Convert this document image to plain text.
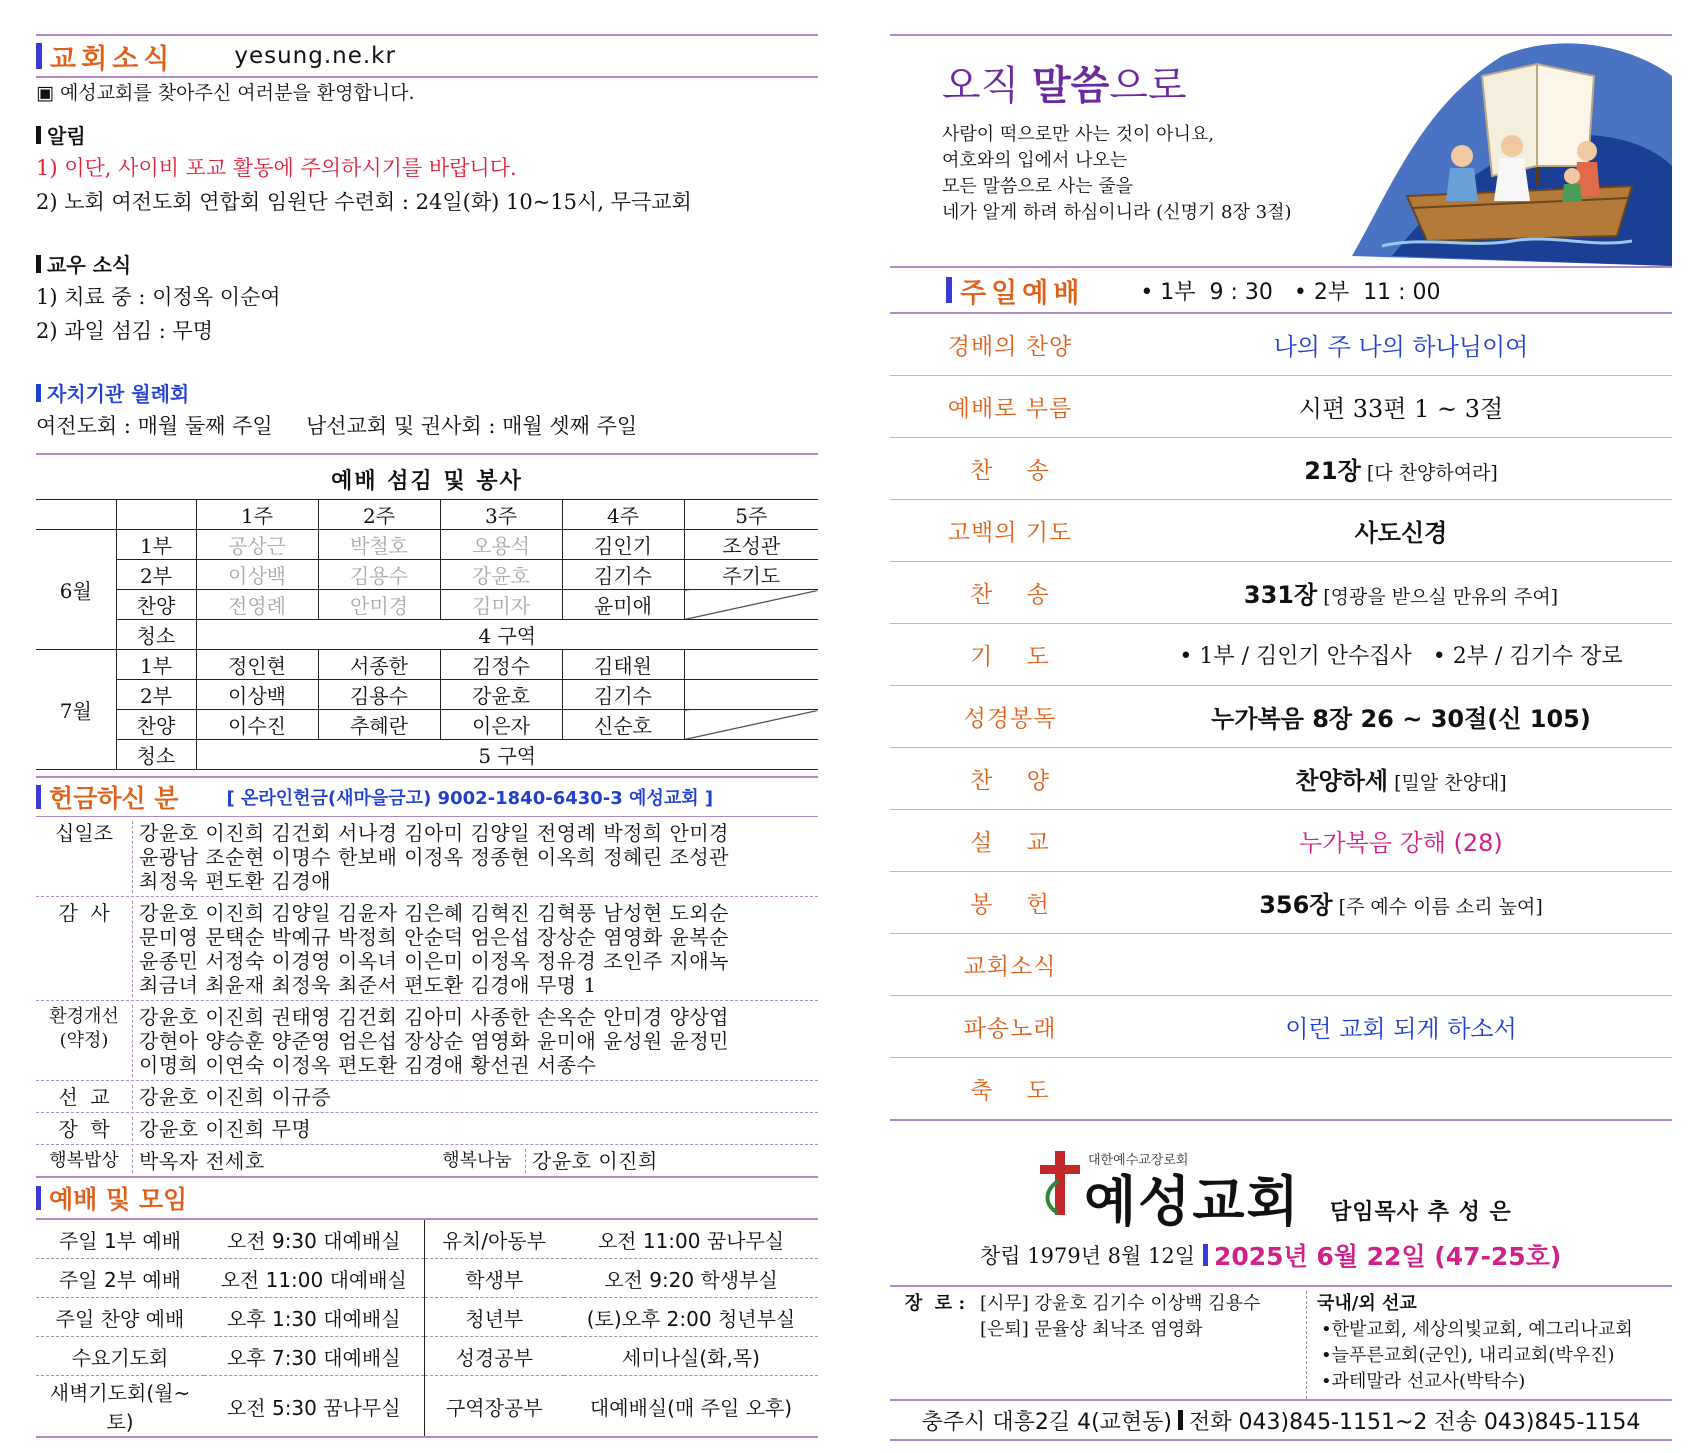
교회소식	yesung.ne.kr
▣ 예성교회를 찾아주신 여러분을 환영합니다.
알림
1) 이단, 사이비 포교 활동에 주의하시기를 바랍니다.
2) 노회 여전도회 연합회 임원단 수련회 : 24일(화) 10~15시, 무극교회
교우 소식
1) 치료 중 : 이정옥 이순여
2) 과일 섬김 : 무명
자치기관 월례회
여전도회 : 매월 둘째 주일     남선교회 및 권사회 : 매월 셋째 주일
예배 섬김 및 봉사
		1주	2주	3주	4주	5주
6월	1부	공상근	박철호	오용석	김인기	조성관
	2부	이상백	김용수	강윤호	김기수	주기도
	찬양	전영례	안미경	김미자	윤미애	
	청소	4 구역				
7월	1부	정인현	서종한	김정수	김태원	
	2부	이상백	김용수	강윤호	김기수	
	찬양	이수진	추혜란	이은자	신순호	
	청소	5 구역				
헌금하신 분	[ 온라인헌금(새마을금고) 9002-1840-6430-3 예성교회 ]
십일조	강윤호 이진희 김건회 서나경 김아미 김양일 전영례 박정희 안미경
윤광남 조순현 이명수 한보배 이정옥 정종현 이옥희 정혜린 조성관
최정욱 편도환 김경애
감  사	강윤호 이진희 김양일 김윤자 김은혜 김혁진 김혁풍 남성현 도외순
문미영 문택순 박예규 박정희 안순덕 엄은섭 장상순 염영화 윤복순
윤종민 서정숙 이경영 이옥녀 이은미 이정옥 정유경 조인주 지애녹
최금녀 최윤재 최정욱 최준서 편도환 김경애 무명 1
환경개선
(약정)
강윤호 이진희 권태영 김건회 김아미 사종한 손옥순 안미경 양상엽
강현아 양승훈 양준영 엄은섭 장상순 염영화 윤미애 윤성원 윤정민
이명희 이연숙 이정옥 편도환 김경애 황선권 서종수
선  교	강윤호 이진희 이규증
장  학	강윤호 이진희 무명
행복밥상	박옥자 전세호	행복나눔	강윤호 이진희
예배 및 모임
주일 1부 예배	오전 9:30 대예배실	유치/아동부	오전 11:00 꿈나무실
주일 2부 예배	오전 11:00 대예배실	학생부	오전 9:20 학생부실
주일 찬양 예배	오후 1:30 대예배실	청년부	(토)오후 2:00 청년부실
수요기도회	오후 7:30 대예배실	성경공부	세미나실(화,목)
새벽기도회(월~토)	오전 5:30 꿈나무실	구역장공부	대예배실(매 주일 오후)
오직 말씀으로
사람이 떡으로만 사는 것이 아니요,
여호와의 입에서 나오는
모든 말씀으로 사는 줄을
네가 알게 하려 하심이니라 (신명기 8장 3절)
주일예배	• 1부  9 : 30   • 2부  11 : 00
경배의 찬양	나의 주 나의 하나님이여
예배로 부름	시편 33편 1 ~ 3절
찬    송	21장 [다 찬양하여라]
고백의 기도	사도신경
찬    송	331장 [영광을 받으실 만유의 주여]
기    도	• 1부 / 김인기 안수집사   • 2부 / 김기수 장로
성경봉독	누가복음 8장 26 ~ 30절(신 105)
찬    양	찬양하세 [밀알 찬양대]
설    교	누가복음 강해 (28)
봉    헌	356장 [주 예수 이름 소리 높여]
교회소식
파송노래	이런 교회 되게 하소서
축    도
대한예수교장로회
예성교회 담임목사 추 성 은
창립 1979년 8월 12일 2025년 6월 22일 (47-25호)
장  로 : [시무] 강윤호 김기수 이상백 김용수
[은퇴] 문율상 최낙조 염영화
국내/외 선교
•한밭교회, 세상의빛교회, 예그리나교회
•늘푸른교회(군인), 내리교회(박우진)
•과테말라 선교사(박탁수)
충주시 대흥2길 4(교현동) 전화 043)845-1151~2 전송 043)845-1154
